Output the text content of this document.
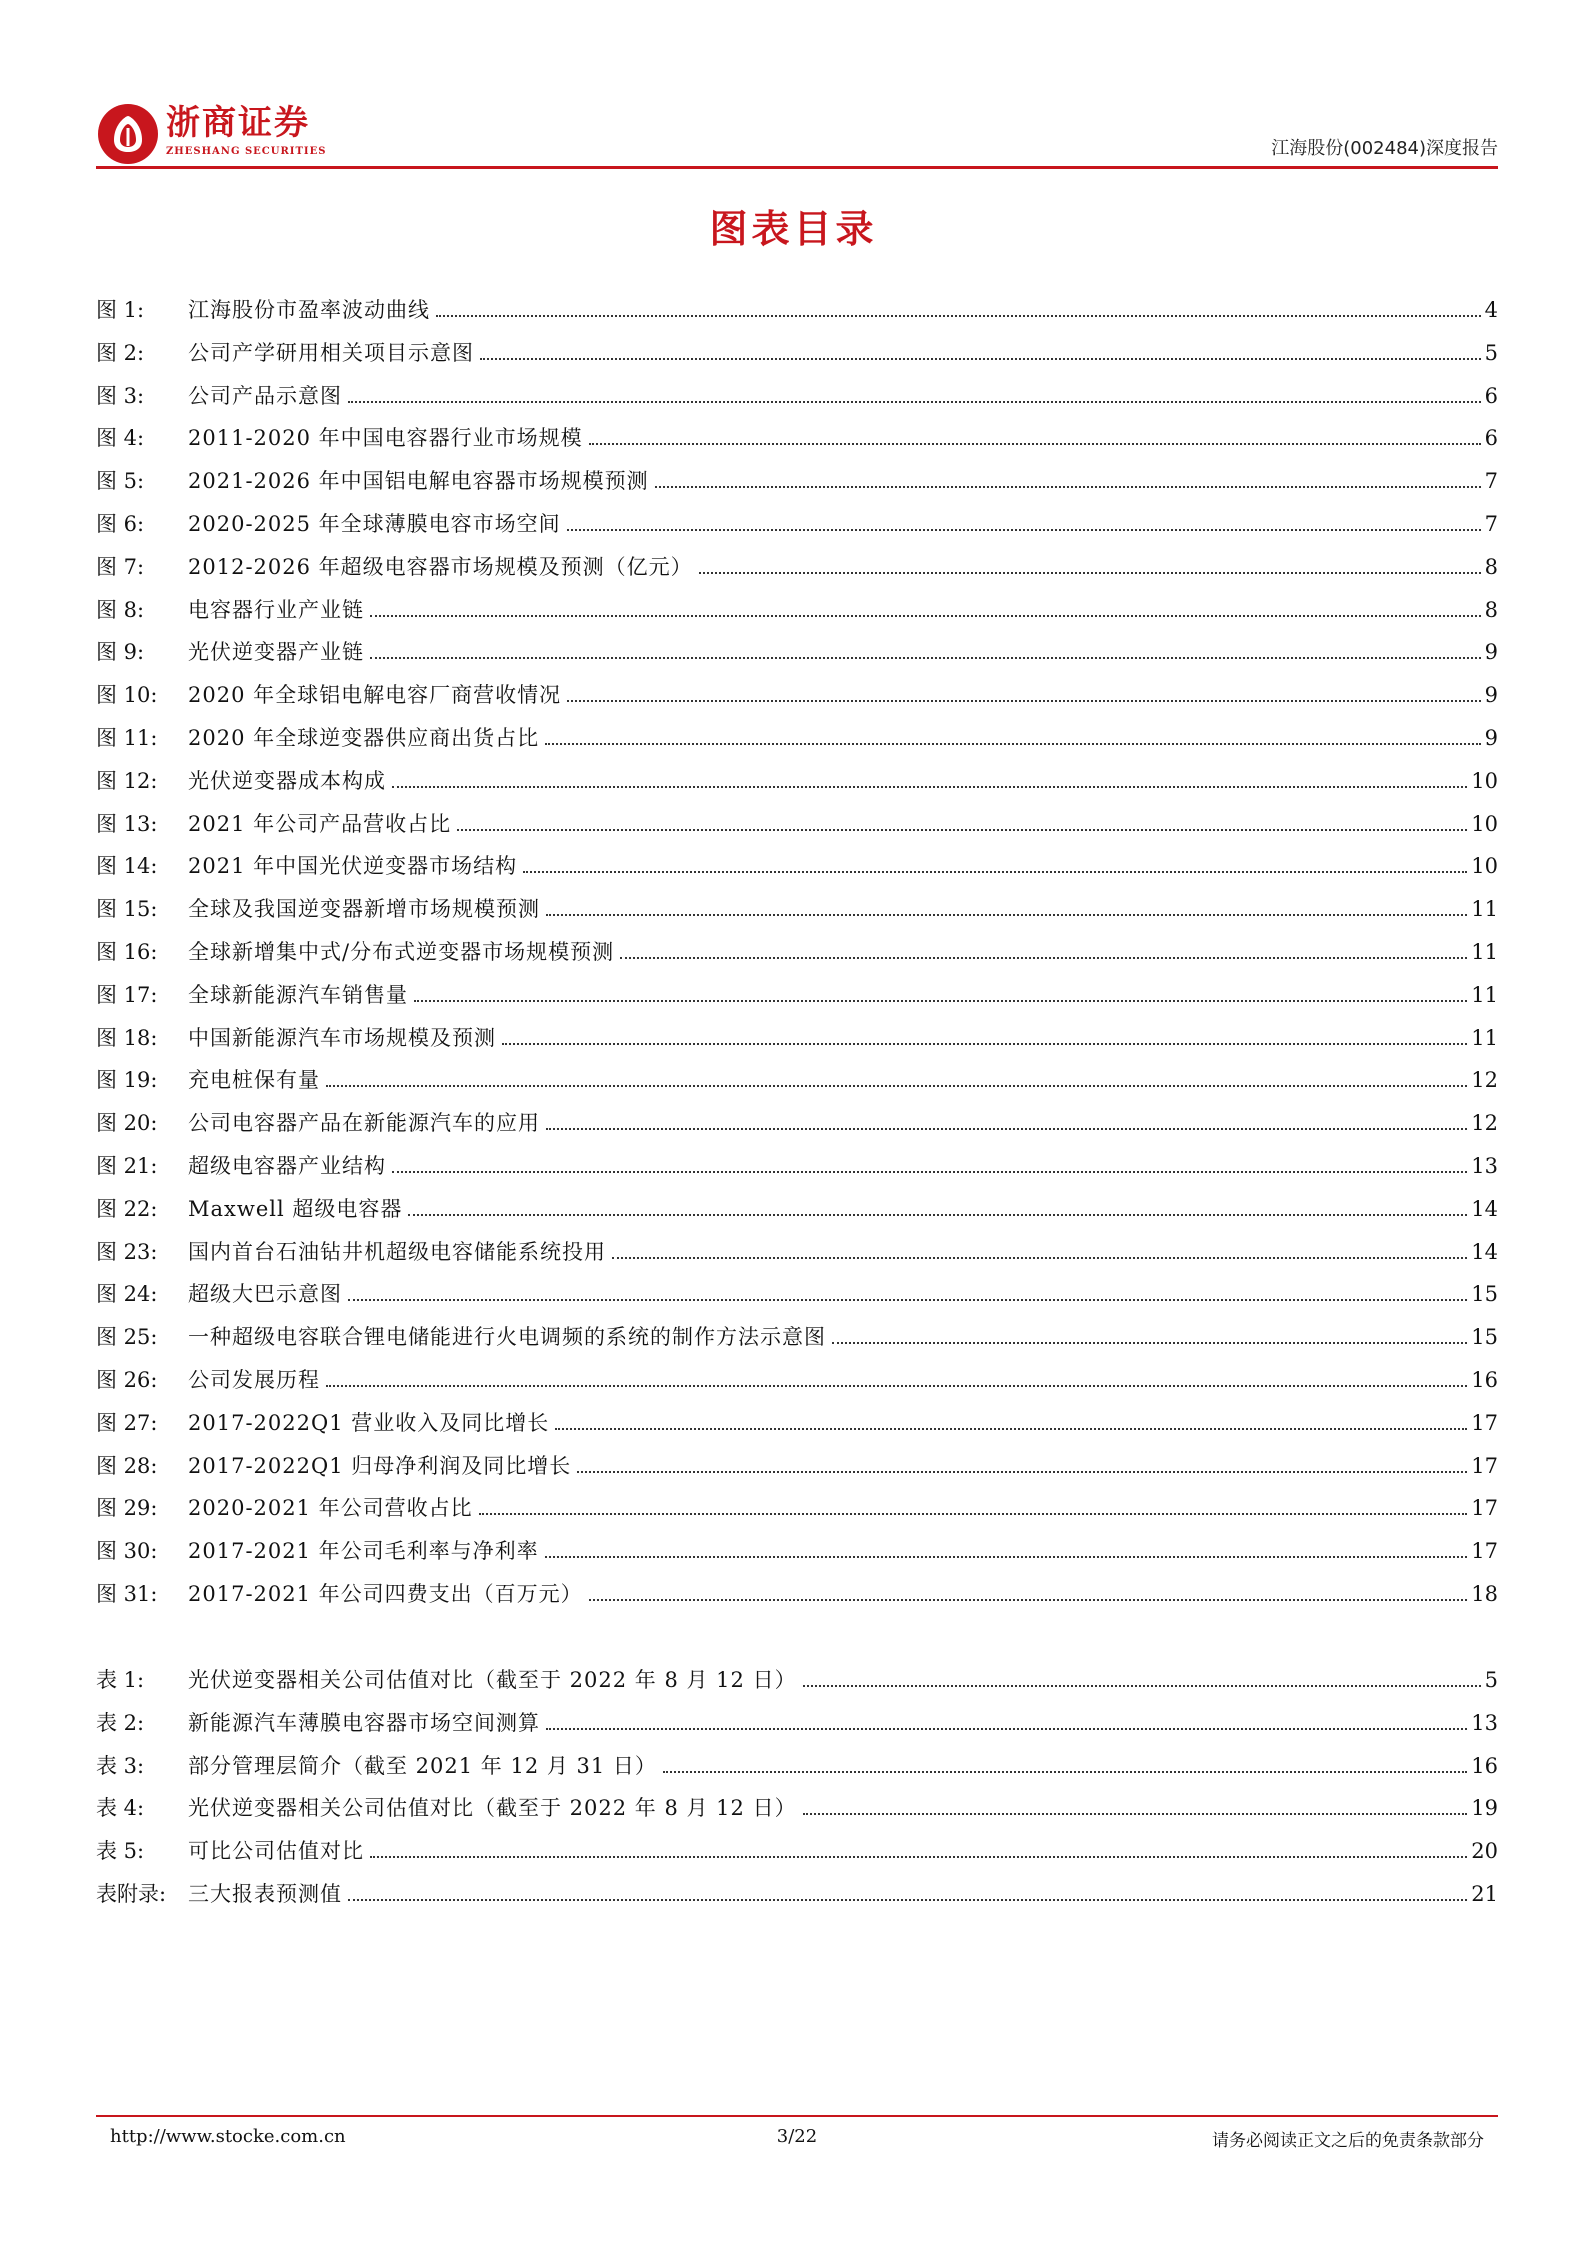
浙商证券
ZHESHANG SECURITIES	江海股份(002484)深度报告
图表目录
图 1:	江海股份市盈率波动曲线	4
图 2:	公司产学研用相关项目示意图	5
图 3:	公司产品示意图	6
图 4:	2011-2020 年中国电容器行业市场规模	6
图 5:	2021-2026 年中国铝电解电容器市场规模预测	7
图 6:	2020-2025 年全球薄膜电容市场空间	7
图 7:	2012-2026 年超级电容器市场规模及预测（亿元）	8
图 8:	电容器行业产业链	8
图 9:	光伏逆变器产业链	9
图 10:	2020 年全球铝电解电容厂商营收情况	9
图 11:	2020 年全球逆变器供应商出货占比	9
图 12:	光伏逆变器成本构成	10
图 13:	2021 年公司产品营收占比	10
图 14:	2021 年中国光伏逆变器市场结构	10
图 15:	全球及我国逆变器新增市场规模预测	11
图 16:	全球新增集中式/分布式逆变器市场规模预测	11
图 17:	全球新能源汽车销售量	11
图 18:	中国新能源汽车市场规模及预测	11
图 19:	充电桩保有量	12
图 20:	公司电容器产品在新能源汽车的应用	12
图 21:	超级电容器产业结构	13
图 22:	Maxwell 超级电容器	14
图 23:	国内首台石油钻井机超级电容储能系统投用	14
图 24:	超级大巴示意图	15
图 25:	一种超级电容联合锂电储能进行火电调频的系统的制作方法示意图	15
图 26:	公司发展历程	16
图 27:	2017-2022Q1 营业收入及同比增长	17
图 28:	2017-2022Q1 归母净利润及同比增长	17
图 29:	2020-2021 年公司营收占比	17
图 30:	2017-2021 年公司毛利率与净利率	17
图 31:	2017-2021 年公司四费支出（百万元）	18
表 1:	光伏逆变器相关公司估值对比（截至于 2022 年 8 月 12 日）	5
表 2:	新能源汽车薄膜电容器市场空间测算	13
表 3:	部分管理层简介（截至 2021 年 12 月 31 日）	16
表 4:	光伏逆变器相关公司估值对比（截至于 2022 年 8 月 12 日）	19
表 5:	可比公司估值对比	20
表附录:	三大报表预测值	21
http://www.stocke.com.cn	3/22	请务必阅读正文之后的免责条款部分
